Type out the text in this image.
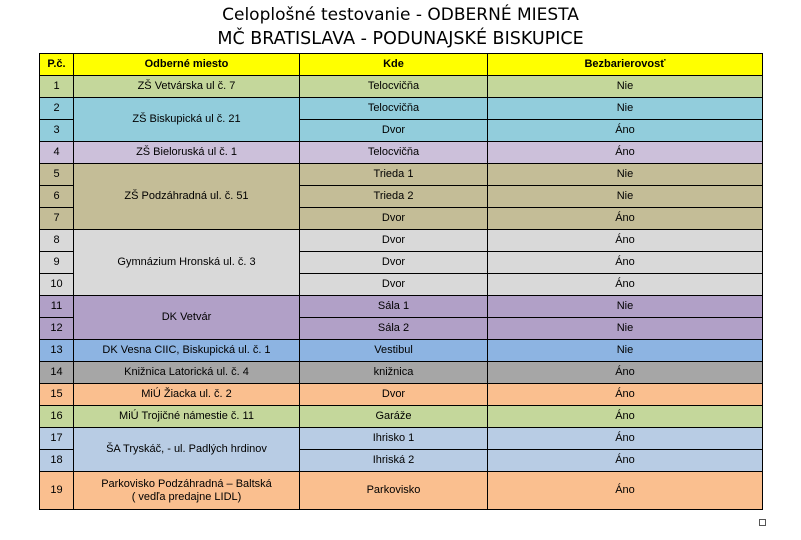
Celoplošné testovanie - ODBERNÉ MIESTA
MČ BRATISLAVA - PODUNAJSKÉ BISKUPICE
P.č.	Odberné miesto	Kde	Bezbarierovosť
1	ZŠ Vetvárska ul č. 7	Telocvičňa	Nie
2	ZŠ Biskupická ul č. 21	Telocvičňa	Nie
3		Dvor	Áno
4	ZŠ Bieloruská ul č. 1	Telocvičňa	Áno
5	ZŠ Podzáhradná ul. č. 51	Trieda 1	Nie
6		Trieda 2	Nie
7		Dvor	Áno
8	Gymnázium Hronská ul. č. 3	Dvor	Áno
9		Dvor	Áno
10		Dvor	Áno
11	DK Vetvár	Sála 1	Nie
12		Sála 2	Nie
13	DK Vesna CIIC, Biskupická ul. č. 1	Vestibul	Nie
14	Knižnica Latorická ul. č. 4	knižnica	Áno
15	MiÚ Žiacka ul. č. 2	Dvor	Áno
16	MiÚ Trojičné námestie č. 11	Garáže	Áno
17	ŠA Tryskáč, - ul. Padlých hrdinov	Ihrisko 1	Áno
18		Ihriská 2	Áno
19	Parkovisko Podzáhradná – Baltská
( vedľa predajne LIDL)	Parkovisko	Áno
